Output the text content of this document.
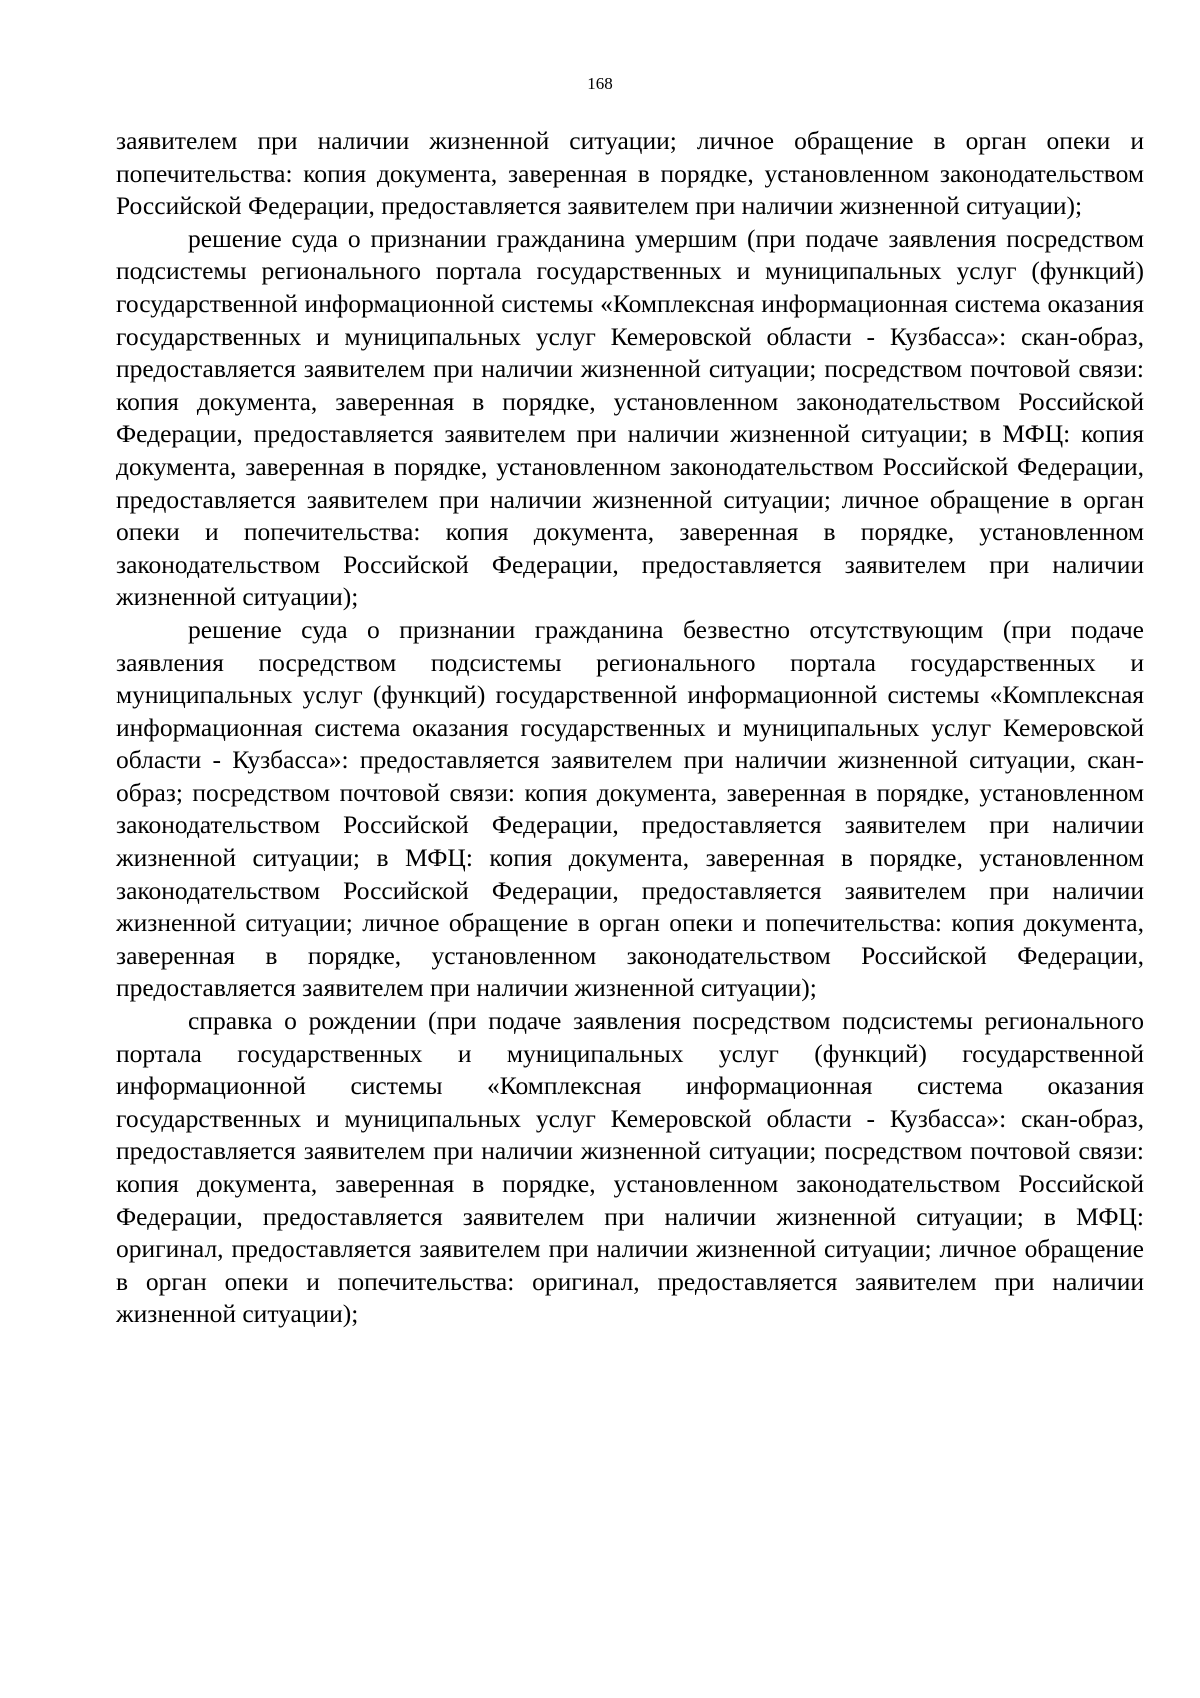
168

заявителем при наличии жизненной ситуации; личное обращение в орган опеки и попечительства: копия документа, заверенная в порядке, установленном законодательством Российской Федерации, предоставляется заявителем при наличии жизненной ситуации);

решение суда о признании гражданина умершим (при подаче заявления посредством подсистемы регионального портала государственных и муниципальных услуг (функций) государственной информационной системы «Комплексная информационная система оказания государственных и муниципальных услуг Кемеровской области - Кузбасса»: скан-образ, предоставляется заявителем при наличии жизненной ситуации; посредством почтовой связи: копия документа, заверенная в порядке, установленном законодательством Российской Федерации, предоставляется заявителем при наличии жизненной ситуации; в МФЦ: копия документа, заверенная в порядке, установленном законодательством Российской Федерации, предоставляется заявителем при наличии жизненной ситуации; личное обращение в орган опеки и попечительства: копия документа, заверенная в порядке, установленном законодательством Российской Федерации, предоставляется заявителем при наличии жизненной ситуации);

решение суда о признании гражданина безвестно отсутствующим (при подаче заявления посредством подсистемы регионального портала государственных и муниципальных услуг (функций) государственной информационной системы «Комплексная информационная система оказания государственных и муниципальных услуг Кемеровской области - Кузбасса»: предоставляется заявителем при наличии жизненной ситуации, скан-образ; посредством почтовой связи: копия документа, заверенная в порядке, установленном законодательством Российской Федерации, предоставляется заявителем при наличии жизненной ситуации; в МФЦ: копия документа, заверенная в порядке, установленном законодательством Российской Федерации, предоставляется заявителем при наличии жизненной ситуации; личное обращение в орган опеки и попечительства: копия документа, заверенная в порядке, установленном законодательством Российской Федерации, предоставляется заявителем при наличии жизненной ситуации);

справка о рождении (при подаче заявления посредством подсистемы регионального портала государственных и муниципальных услуг (функций) государственной информационной системы «Комплексная информационная система оказания государственных и муниципальных услуг Кемеровской области - Кузбасса»: скан-образ, предоставляется заявителем при наличии жизненной ситуации; посредством почтовой связи: копия документа, заверенная в порядке, установленном законодательством Российской Федерации, предоставляется заявителем при наличии жизненной ситуации; в МФЦ: оригинал, предоставляется заявителем при наличии жизненной ситуации; личное обращение в орган опеки и попечительства: оригинал, предоставляется заявителем при наличии жизненной ситуации);
